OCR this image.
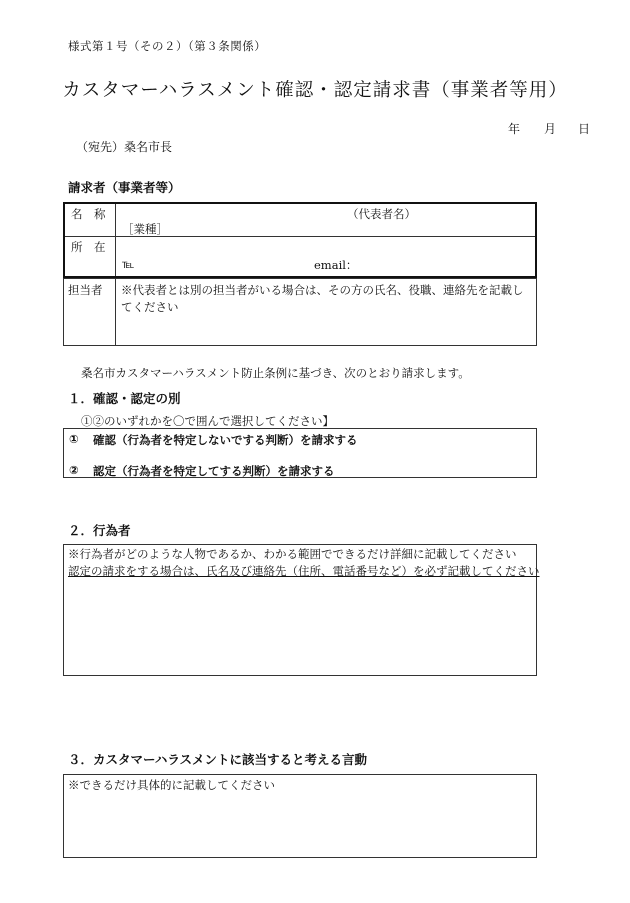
様式第１号（その２）（第３条関係）
カスタマーハラスメント確認・認定請求書（事業者等用）
年 月 日
（宛先）桑名市長
請求者（事業者等）
名　称	（代表者名）
［業種］
所　在
℡	email：
担当者 ※代表者とは別の担当者がいる場合は、その方の氏名、役職、連絡先を記載してください
桑名市カスタマーハラスメント防止条例に基づき、次のとおり請求します。
１．確認・認定の別
①②のいずれかを〇で囲んで選択してください】
① 確認（行為者を特定しないでする判断）を請求する
② 認定（行為者を特定してする判断）を請求する
２．行為者
※行為者がどのような人物であるか、わかる範囲でできるだけ詳細に記載してください
認定の請求をする場合は、氏名及び連絡先（住所、電話番号など）を必ず記載してください
３．カスタマーハラスメントに該当すると考える言動
※できるだけ具体的に記載してください
